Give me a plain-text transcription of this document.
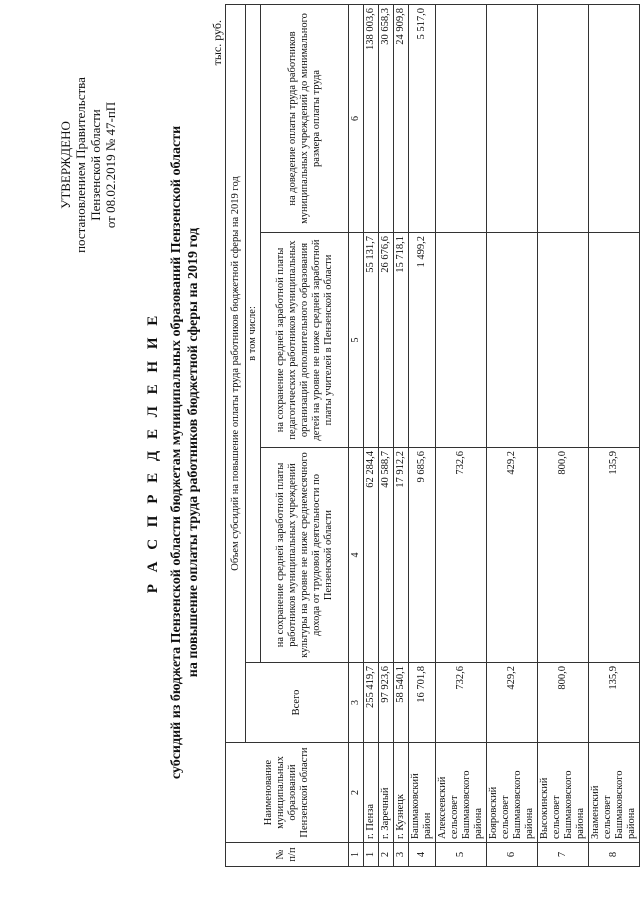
УТВЕРЖДЕНО постановлением Правительства Пензенской области от 08.02.2019 № 47-пП
Р А С П Р Е Д Е Л Е Н И Е субсидий из бюджета Пензенской области бюджетам муниципальных образований Пензенской области на повышение оплаты труда работников бюджетной сферы на 2019 год
тыс. руб.
№ п/п	Наименование муниципальных образований Пензенской области	Объем субсидий на повышение оплаты труда работников бюджетной сферы на 2019 год			
		Всего	в том числе:		
			на сохранение средней заработной платы работников муниципальных учреждений культуры на уровне не ниже среднемесячного дохода от трудовой деятельности по Пензенской области	на сохранение средней заработной платы педагогических работников муниципальных организаций дополнительного образования детей на уровне не ниже средней заработной платы учителей в Пензенской области	на доведение оплаты труда работников муниципальных учреждений до минимального размера оплаты труда
1	2	3	4	5	6
1	г. Пенза	255 419,7	62 284,4	55 131,7	138 003,6
2	г. Заречный	97 923,6	40 588,7	26 676,6	30 658,3
3	г. Кузнецк	58 540,1	17 912,2	15 718,1	24 909,8
4	Башмаковский район	16 701,8	9 685,6	1 499,2	5 517,0
5	Алексеевский сельсовет Башмаковского района	732,6	732,6		
6	Бояровский сельсовет Башмаковского района	429,2	429,2		
7	Высокинский сельсовет Башмаковского района	800,0	800,0		
8	Знаменский сельсовет Башмаковского района	135,9	135,9		
